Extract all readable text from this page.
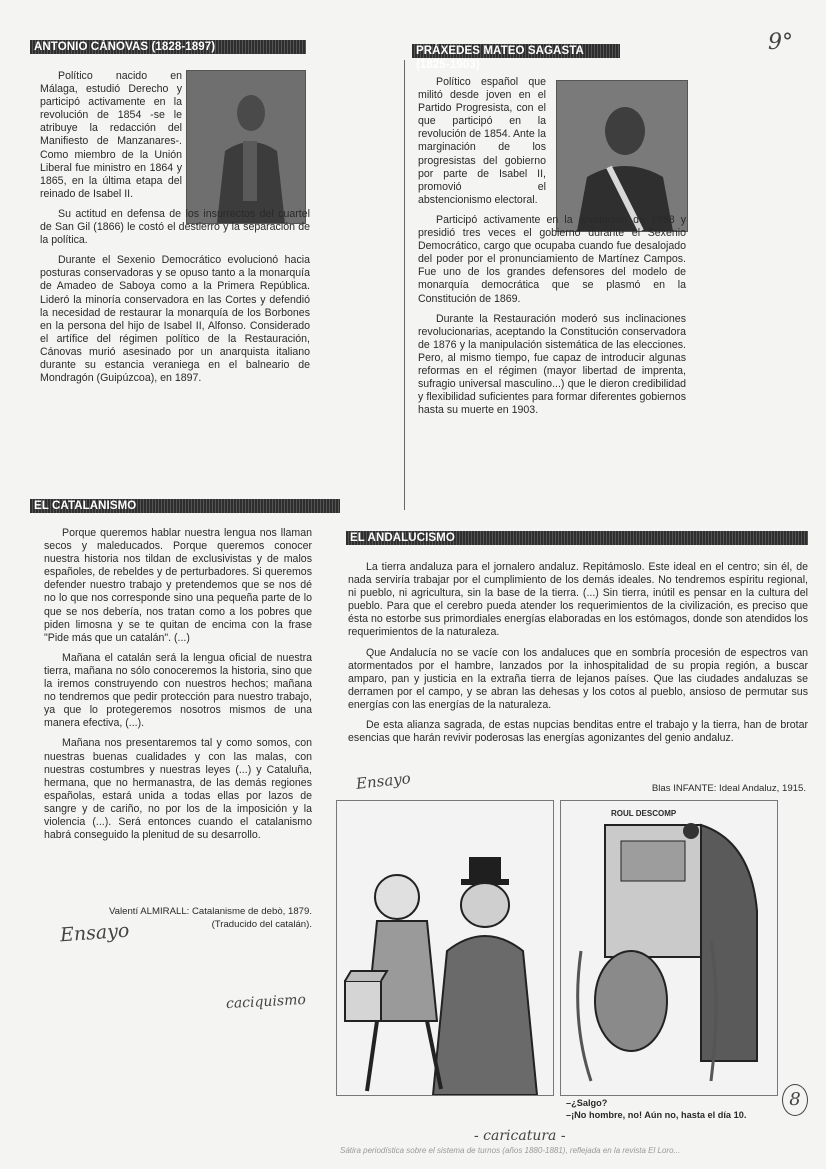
9°
ANTONIO CÁNOVAS (1828-1897)

Político nacido en Málaga, estudió Derecho y participó activamente en la revolución de 1854 -se le atribuye la redacción del Manifiesto de Manzanares-. Como miembro de la Unión Liberal fue ministro en 1864 y 1865, en la última etapa del reinado de Isabel II.

Su actitud en defensa de los insurrectos del cuartel de San Gil (1866) le costó el destierro y la separación de la política.

Durante el Sexenio Democrático evolucionó hacia posturas conservadoras y se opuso tanto a la monarquía de Amadeo de Saboya como a la Primera República. Lideró la minoría conservadora en las Cortes y defendió la necesidad de restaurar la monarquía de los Borbones en la persona del hijo de Isabel II, Alfonso. Considerado el artífice del régimen político de la Restauración, Cánovas murió asesinado por un anarquista italiano durante su estancia veraniega en el balneario de Mondragón (Guipúzcoa), en 1897.

PRÁXEDES MATEO SAGASTA (1825-1903)

Político español que militó desde joven en el Partido Progresista, con el que participó en la revolución de 1854. Ante la marginación de los progresistas del gobierno por parte de Isabel II, promovió el abstencionismo electoral.

Participó activamente en la revolución de 1868 y presidió tres veces el gobierno durante el Sexenio Democrático, cargo que ocupaba cuando fue desalojado del poder por el pronunciamiento de Martínez Campos. Fue uno de los grandes defensores del modelo de monarquía democrática que se plasmó en la Constitución de 1869.

Durante la Restauración moderó sus inclinaciones revolucionarias, aceptando la Constitución conservadora de 1876 y la manipulación sistemática de las elecciones. Pero, al mismo tiempo, fue capaz de introducir algunas reformas en el régimen (mayor libertad de imprenta, sufragio universal masculino...) que le dieron credibilidad y flexibilidad suficientes para formar diferentes gobiernos hasta su muerte en 1903.

EL CATALANISMO

Porque queremos hablar nuestra lengua nos llaman secos y maleducados. Porque queremos conocer nuestra historia nos tildan de exclusivistas y de malos españoles, de rebeldes y de perturbadores. Si queremos defender nuestro trabajo y pretendemos que se nos dé no lo que nos corresponde sino una pequeña parte de lo que se nos debería, nos tratan como a los pobres que piden limosna y se te quitan de encima con la frase "Pide más que un catalán". (...)

Mañana el catalán será la lengua oficial de nuestra tierra, mañana no sólo conoceremos la historia, sino que la iremos construyendo con nuestros hechos; mañana no tendremos que pedir protección para nuestro trabajo, ya que lo protegeremos nosotros mismos de una manera efectiva, (...).

Mañana nos presentaremos tal y como somos, con nuestras buenas cualidades y con las malas, con nuestras costumbres y nuestras leyes (...) y Cataluña, hermana, que no hermanastra, de las demás regiones españolas, estará unida a todas ellas por lazos de sangre y de cariño, no por los de la imposición y la violencia (...). Será entonces cuando el catalanismo habrá conseguido la plenitud de su desarrollo.

Valentí ALMIRALL: Catalanisme de debò, 1879.
(Traducido del catalán).
EL ANDALUCISMO

La tierra andaluza para el jornalero andaluz. Repitámoslo. Este ideal en el centro; sin él, de nada serviría trabajar por el cumplimiento de los demás ideales. No tendremos espíritu regional, ni pueblo, ni agricultura, sin la base de la tierra. (...) Sin tierra, inútil es pensar en la cultura del pueblo. Para que el cerebro pueda atender los requerimientos de la civilización, es preciso que ésta no estorbe sus primordiales energías elaboradas en los estómagos, donde son atendidos los requerimientos de la naturaleza.

Que Andalucía no se vacíe con los andaluces que en sombría procesión de espectros van atormentados por el hambre, lanzados por la inhospitalidad de su propia región, a buscar amparo, pan y justicia en la extraña tierra de lejanos países. Que las ciudades andaluzas se derramen por el campo, y se abran las dehesas y los cotos al pueblo, ansioso de permutar sus energías con las energías de la naturaleza.

De esta alianza sagrada, de estas nupcias benditas entre el trabajo y la tierra, han de brotar esencias que harán revivir poderosas las energías agonizantes del genio andaluz.

Blas INFANTE: Ideal Andaluz, 1915.
Ensayo
Ensayo
caciquismo
- caricatura -
8
ROUL DESCOMP
–¿Salgo?
–¡No hombre, no! Aún no, hasta el día 10.
Sátira periodística sobre el sistema de turnos (años 1880-1881), reflejada en la revista El Loro...
